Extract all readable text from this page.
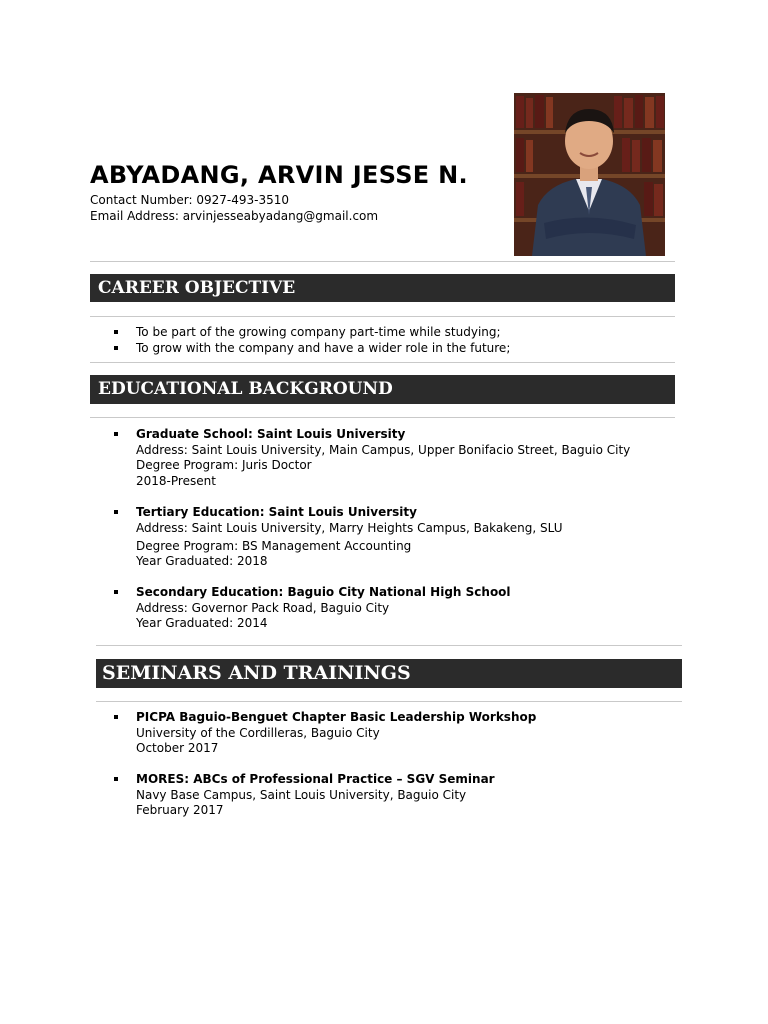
ABYADANG, ARVIN JESSE N.
Contact Number: 0927-493-3510
Email Address: arvinjesseabyadang@gmail.com
CAREER OBJECTIVE
To be part of the growing company part-time while studying;
To grow with the company and have a wider role in the future;
EDUCATIONAL BACKGROUND
Graduate School: Saint Louis University
Address: Saint Louis University, Main Campus, Upper Bonifacio Street, Baguio City
Degree Program: Juris Doctor
2018-Present
Tertiary Education: Saint Louis University
Address: Saint Louis University, Marry Heights Campus, Bakakeng, SLU
Degree Program: BS Management Accounting
Year Graduated: 2018
Secondary Education: Baguio City National High School
Address: Governor Pack Road, Baguio City
Year Graduated: 2014
SEMINARS AND TRAININGS
PICPA Baguio-Benguet Chapter Basic Leadership Workshop
University of the Cordilleras, Baguio City
October 2017
MORES: ABCs of Professional Practice – SGV Seminar
Navy Base Campus, Saint Louis University, Baguio City
February 2017
